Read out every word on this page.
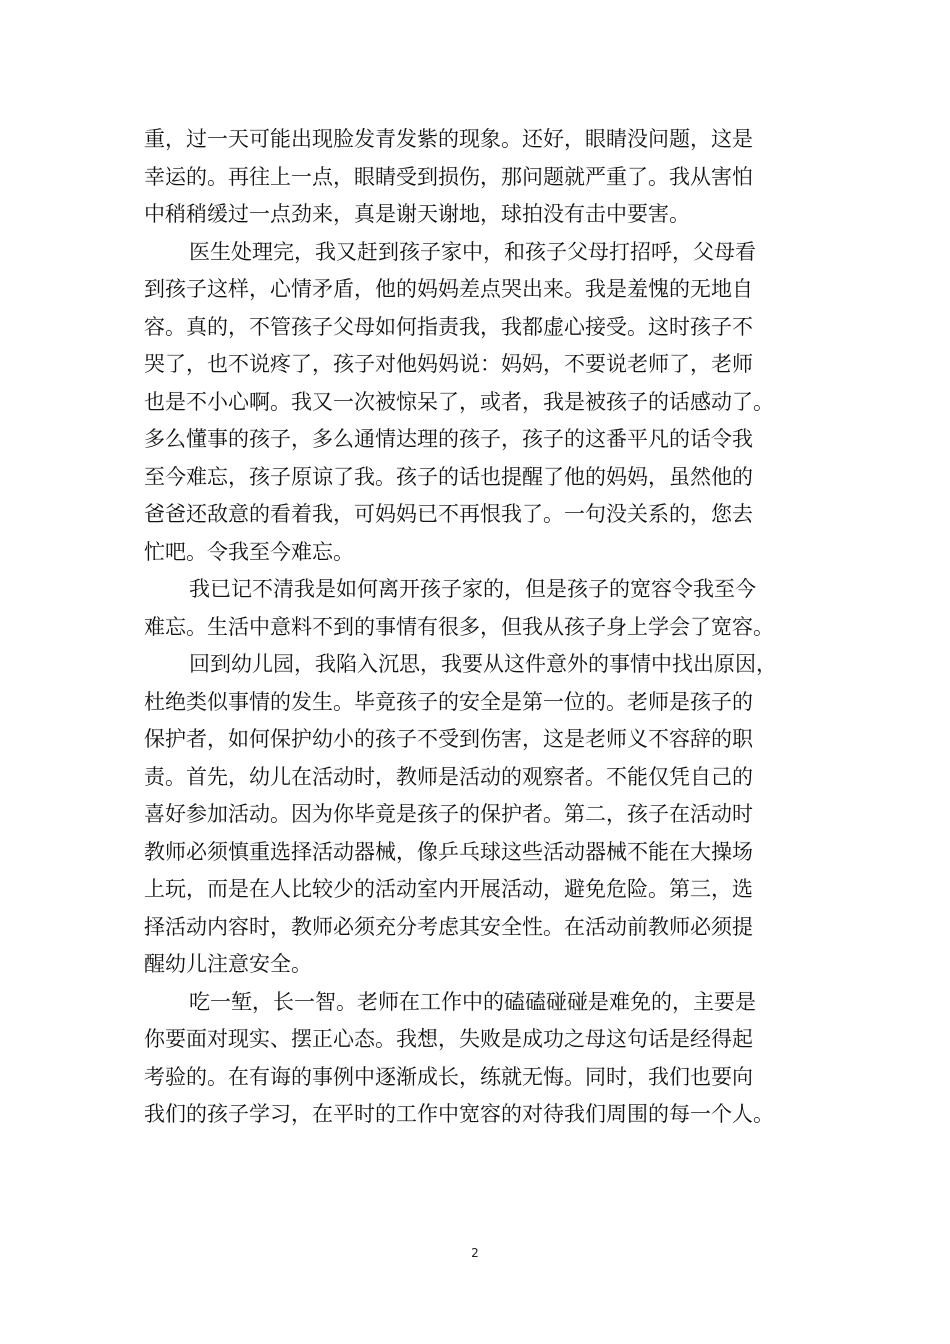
重，过一天可能出现脸发青发紫的现象。还好，眼睛没问题，这是
幸运的。再往上一点，眼睛受到损伤，那问题就严重了。我从害怕
中稍稍缓过一点劲来，真是谢天谢地，球拍没有击中要害。
医生处理完，我又赶到孩子家中，和孩子父母打招呼，父母看
到孩子这样，心情矛盾，他的妈妈差点哭出来。我是羞愧的无地自
容。真的，不管孩子父母如何指责我，我都虚心接受。这时孩子不
哭了，也不说疼了，孩子对他妈妈说：妈妈，不要说老师了，老师
也是不小心啊。我又一次被惊呆了，或者，我是被孩子的话感动了。
多么懂事的孩子，多么通情达理的孩子，孩子的这番平凡的话令我
至今难忘，孩子原谅了我。孩子的话也提醒了他的妈妈，虽然他的
爸爸还敌意的看着我，可妈妈已不再恨我了。一句没关系的，您去
忙吧。令我至今难忘。
我已记不清我是如何离开孩子家的，但是孩子的宽容令我至今
难忘。生活中意料不到的事情有很多，但我从孩子身上学会了宽容。
回到幼儿园，我陷入沉思，我要从这件意外的事情中找出原因，
杜绝类似事情的发生。毕竟孩子的安全是第一位的。老师是孩子的
保护者，如何保护幼小的孩子不受到伤害，这是老师义不容辞的职
责。首先，幼儿在活动时，教师是活动的观察者。不能仅凭自己的
喜好参加活动。因为你毕竟是孩子的保护者。第二，孩子在活动时
教师必须慎重选择活动器械，像乒乓球这些活动器械不能在大操场
上玩，而是在人比较少的活动室内开展活动，避免危险。第三，选
择活动内容时，教师必须充分考虑其安全性。在活动前教师必须提
醒幼儿注意安全。
吃一堑，长一智。老师在工作中的磕磕碰碰是难免的，主要是
你要面对现实、摆正心态。我想，失败是成功之母这句话是经得起
考验的。在有诲的事例中逐渐成长，练就无悔。同时，我们也要向
我们的孩子学习，在平时的工作中宽容的对待我们周围的每一个人。
2
